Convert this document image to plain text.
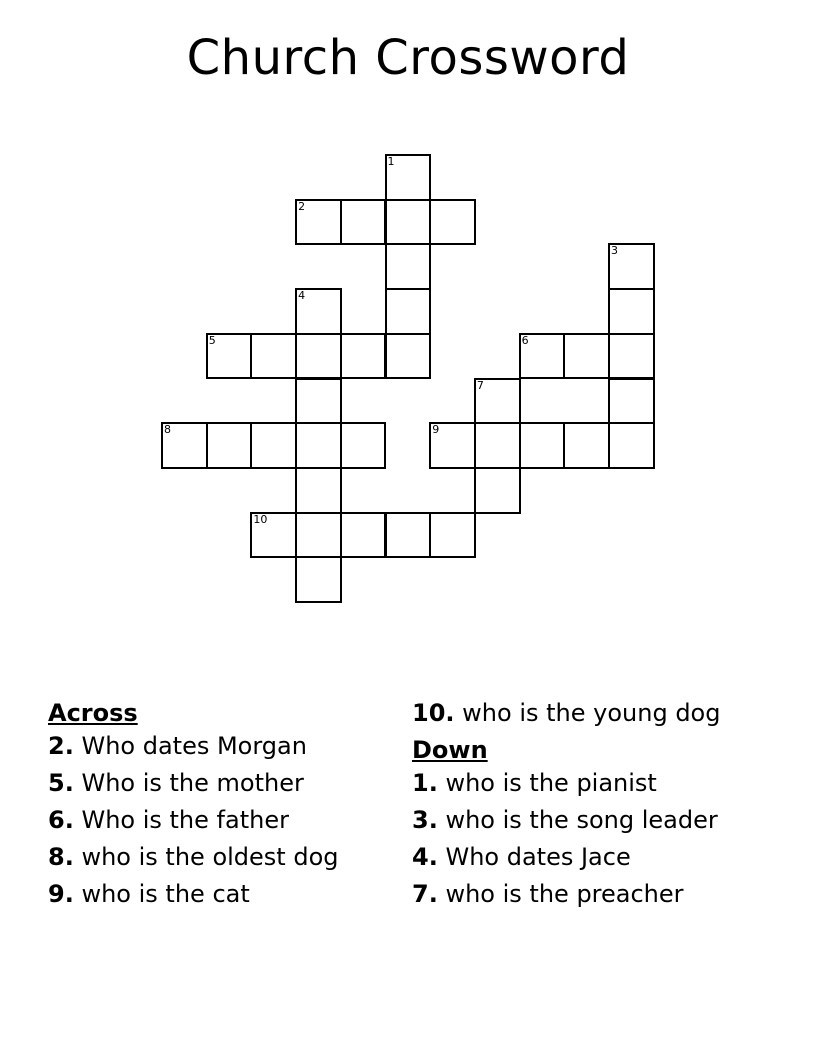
Church Crossword
1
2
3
4
5	6
7
8	9
10
Across
2. Who dates Morgan
5. Who is the mother
6. Who is the father
8. who is the oldest dog
9. who is the cat
10. who is the young dog
Down
1. who is the pianist
3. who is the song leader
4. Who dates Jace
7. who is the preacher
